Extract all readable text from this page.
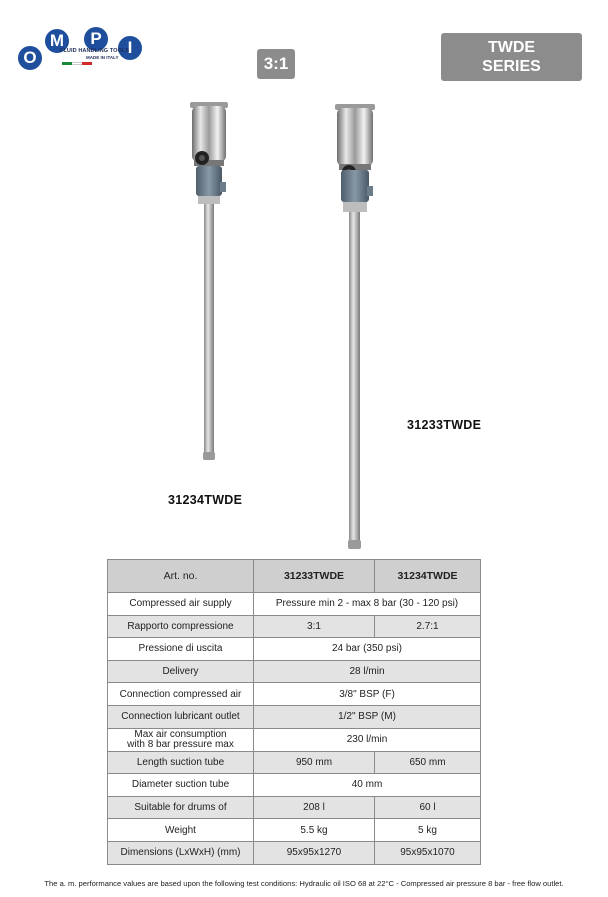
O
M	P	I
FLUID HANDLING TOOLS
MADE IN ITALY	3:1
TWDE
SERIES
31234TWDE
31233TWDE
Art. no.	31233TWDE	31234TWDE
Compressed air supply	Pressure min 2 - max 8 bar (30 - 120 psi)	
Rapporto compressione	3:1	2.7:1
Pressione di uscita	24 bar (350 psi)	
Delivery	28 l/min	
Connection compressed air	3/8" BSP (F)	
Connection lubricant outlet	1/2" BSP (M)	
Max air consumption
with 8 bar pressure max	230 l/min	
Length suction tube	950 mm	650 mm
Diameter suction tube	40 mm	
Suitable for drums of	208 l	60 l
Weight	5.5 kg	5 kg
Dimensions (LxWxH) (mm)	95x95x1270	95x95x1070
The a. m. performance values are based upon the following test conditions: Hydraulic oil ISO 68 at 22°C - Compressed air pressure 8 bar - free flow outlet.
